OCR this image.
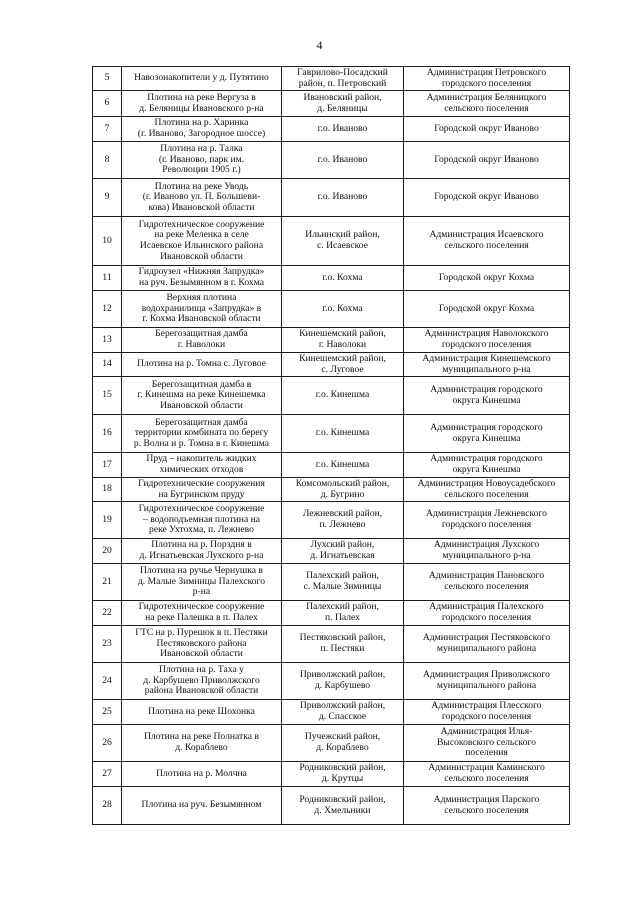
4
5	Навозонакопители у д. Путятино	Гаврилово-Посадский
район, п. Петровский	Администрация Петровского
городского поселения
6	Плотина на реке Вергуза в
д. Беляницы Ивановского р-на	Ивановский район,
д. Беляницы	Администрация Беляницкого
сельского поселения
7	Плотина на р. Харинка
(г. Иваново, Загородное шоссе)	г.о. Иваново	Городской округ Иваново
8	Плотина на р. Талка
(г. Иваново, парк им.
Революции 1905 г.)	г.о. Иваново	Городской округ Иваново
9	Плотина на реке Уводь
(г. Иваново ул. П. Большеви-
кова) Ивановской области	г.о. Иваново	Городской округ Иваново
10	Гидротехническое сооружение
на реке Меленка в селе
Исаевское Ильинского района
Ивановской области	Ильинский район,
с. Исаевское	Администрация Исаевского
сельского поселения
11	Гидроузел «Нижняя Запрудка»
на руч. Безымянном в г. Кохма	г.о. Кохма	Городской округ Кохма
12	Верхняя плотина
водохранилища «Запрудка» в
г. Кохма Ивановской области	г.о. Кохма	Городской округ Кохма
13	Берегозащитная дамба
г. Наволоки	Кинешемский район,
г. Наволоки	Администрация Наволокского
городского поселения
14	Плотина на р. Томна с. Луговое	Кинешемский район,
с. Луговое	Администрация Кинешемского
муниципального р-на
15	Берегозащитная дамба в
г. Кинешма на реке Кинешемка
Ивановской области	г.о. Кинешма	Администрация городского
округа Кинешма
16	Берегозащитная дамба
территории комбината по берегу
р. Волна и р. Томна в г. Кинешма	г.о. Кинешма	Администрация городского
округа Кинешма
17	Пруд – накопитель жидких
химических отходов	г.о. Кинешма	Администрация городского
округа Кинешма
18	Гидротехнические сооружения
на Бугринском пруду	Комсомольский район,
д. Бугрино	Администрация Новоусадебского
сельского поселения
19	Гидротехническое сооружение
– водоподъемная плотина на
реке Ухтохма, п. Лежнево	Лежневский район,
п. Лежнево	Администрация Лежневского
городского поселения
20	Плотина на р. Порздня в
д. Игнатьевская Лухского р-на	Лухский район,
д. Игнатьевская	Администрация Лухского
муниципального р-на
21	Плотина на ручье Чернушка в
д. Малые Зимницы Палехского
р-на	Палехский район,
с. Малые Зимницы	Администрация Пановского
сельского поселения
22	Гидротехническое сооружение
на реке Палешка в п. Палех	Палехский район,
п. Палех	Администрация Палехского
городского поселения
23	ГТС на р. Пурешок в п. Пестяки
Пестяковского района
Ивановской области	Пестяковский район,
п. Пестяки	Администрация Пестяковского
муниципального района
24	Плотина на р. Таха у
д. Карбушево Приволжского
района Ивановской области	Приволжский район,
д. Карбушево	Администрация Приволжского
муниципального района
25	Плотина на реке Шохонка	Приволжский район,
д. Спасское	Администрация Плесского
городского поселения
26	Плотина на реке Полнатка в
д. Кораблево	Пучежский район,
д. Кораблево	Администрация Илья-
Высоковского сельского
поселения
27	Плотина на р. Молчна	Родниковский район,
д. Крутцы	Администрация Каминского
сельского поселения
28	Плотина на руч. Безымянном	Родниковский район,
д. Хмельники	Администрация Парского
сельского поселения
